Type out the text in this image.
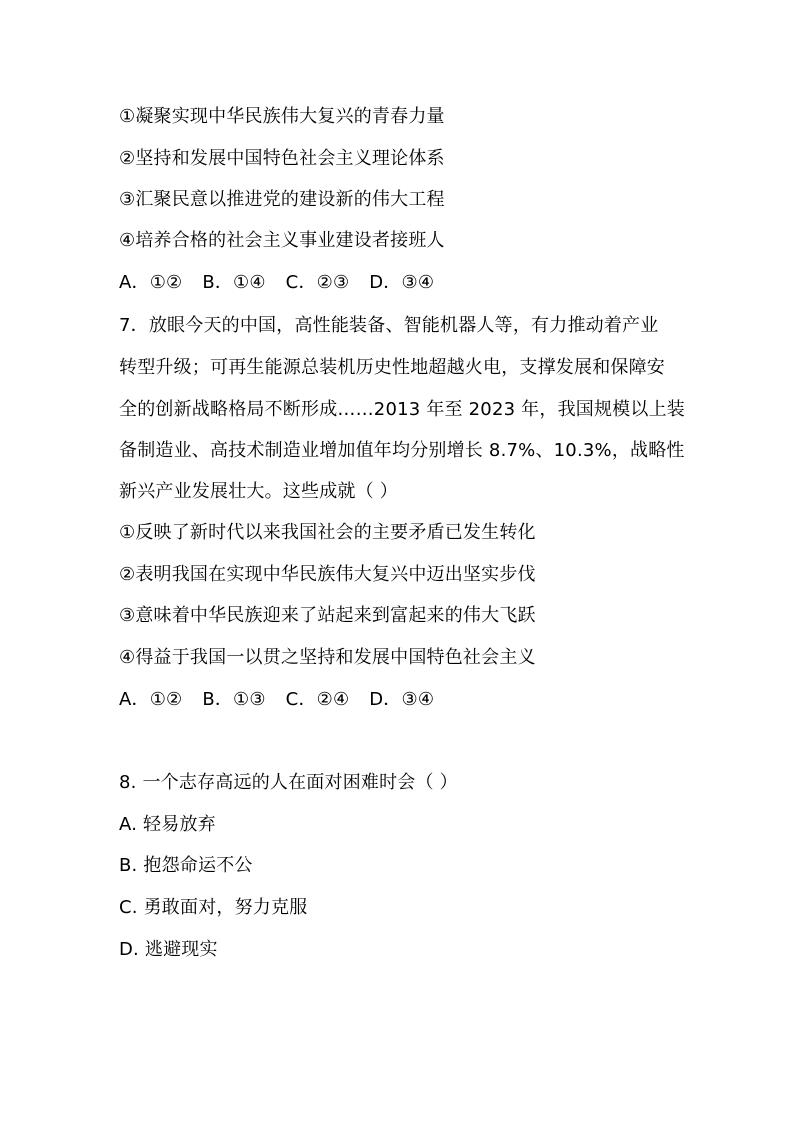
①凝聚实现中华民族伟大复兴的青春力量
②坚持和发展中国特色社会主义理论体系
③汇聚民意以推进党的建设新的伟大工程
④培养合格的社会主义事业建设者接班人
A．①② B．①④ C．②③ D．③④
7．放眼今天的中国，高性能装备、智能机器人等，有力推动着产业
转型升级；可再生能源总装机历史性地超越火电，支撑发展和保障安
全的创新战略格局不断形成……2013 年至 2023 年，我国规模以上装
备制造业、高技术制造业增加值年均分别增长 8.7%、10.3%，战略性
新兴产业发展壮大。这些成就（ ）
①反映了新时代以来我国社会的主要矛盾已发生转化
②表明我国在实现中华民族伟大复兴中迈出坚实步伐
③意味着中华民族迎来了站起来到富起来的伟大飞跃
④得益于我国一以贯之坚持和发展中国特色社会主义
A．①② B．①③ C．②④ D．③④
8. 一个志存高远的人在面对困难时会（ ）
A. 轻易放弃
B. 抱怨命运不公
C. 勇敢面对，努力克服
D. 逃避现实
